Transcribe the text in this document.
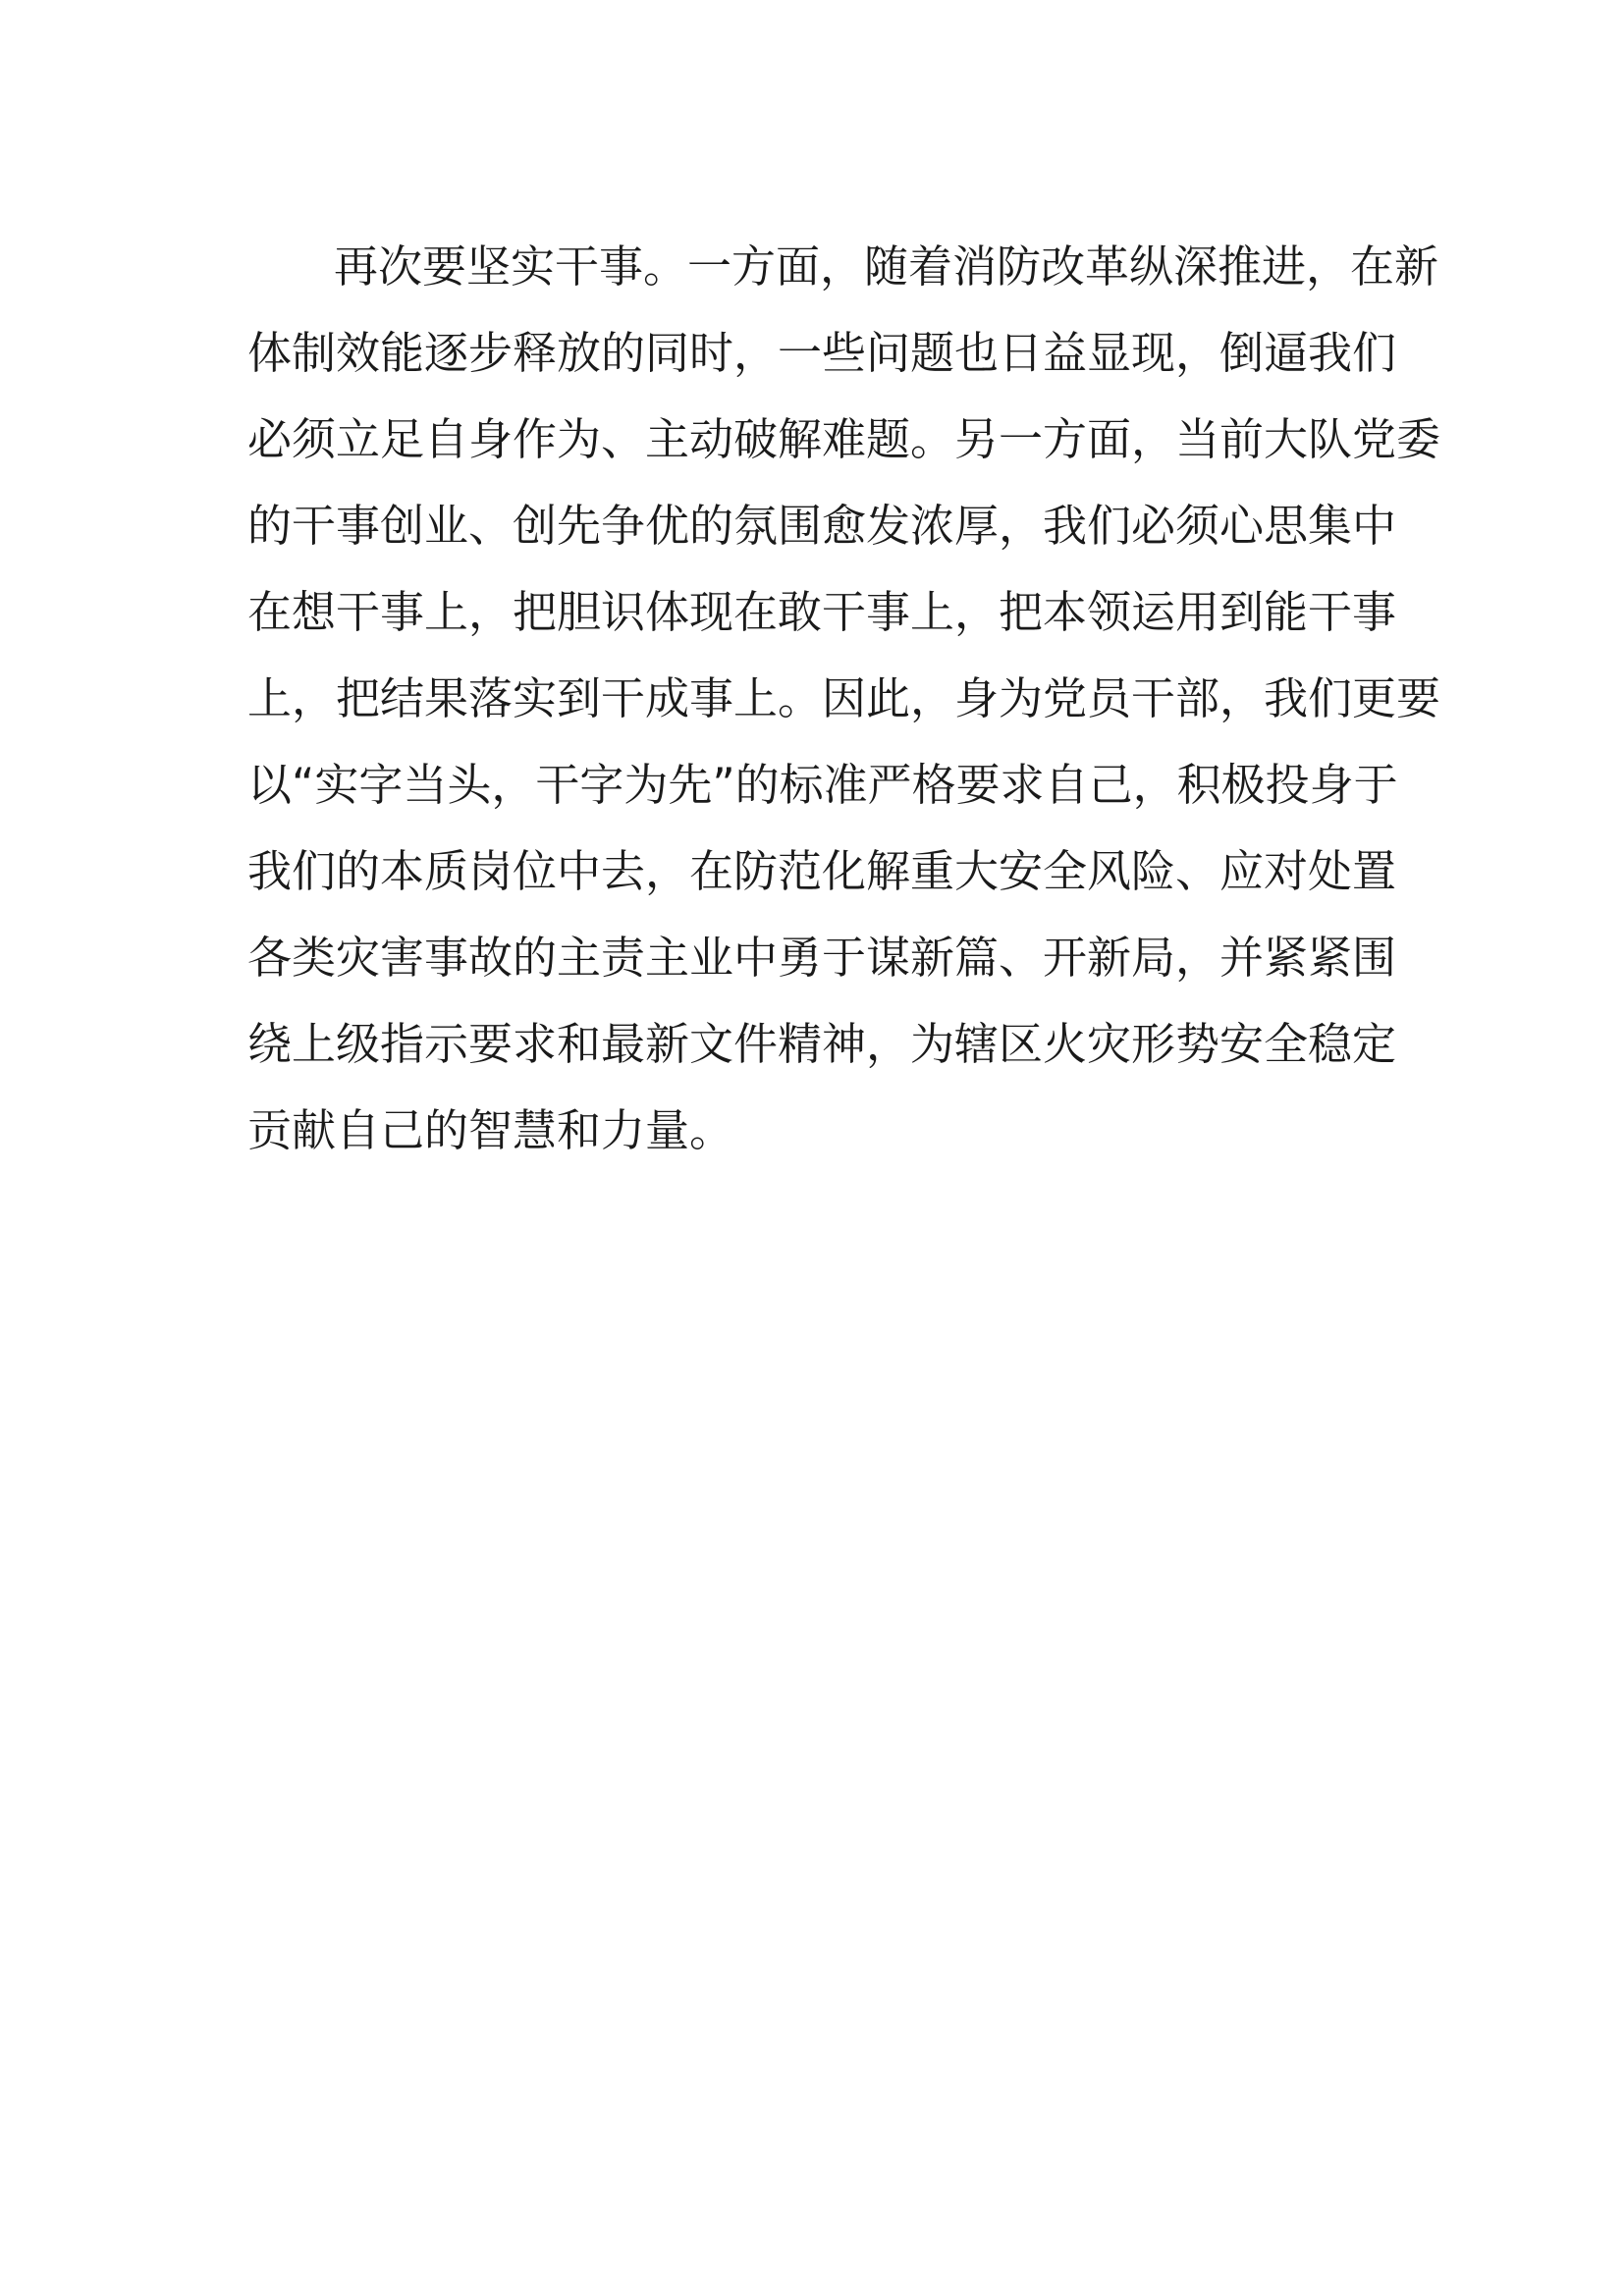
再次要坚实干事。一方面，随着消防改革纵深推进，在新
体制效能逐步释放的同时，一些问题也日益显现，倒逼我们
必须立足自身作为、主动破解难题。另一方面，当前大队党委
的干事创业、创先争优的氛围愈发浓厚，我们必须心思集中
在想干事上，把胆识体现在敢干事上，把本领运用到能干事
上，把结果落实到干成事上。因此，身为党员干部，我们更要
以“实字当头，干字为先”的标准严格要求自己，积极投身于
我们的本质岗位中去，在防范化解重大安全风险、应对处置
各类灾害事故的主责主业中勇于谋新篇、开新局，并紧紧围
绕上级指示要求和最新文件精神，为辖区火灾形势安全稳定
贡献自己的智慧和力量。
